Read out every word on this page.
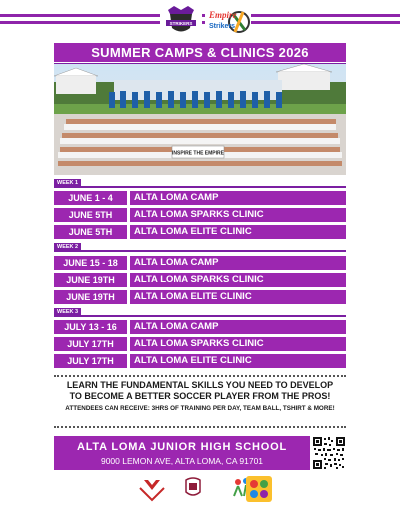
STRIKERS
Empire
Strikers
SUMMER CAMPS & CLINICS 2026
INSPIRE THE EMPIRE
WEEK 1
JUNE 1 - 4	ALTA LOMA CAMP
JUNE 5TH	ALTA LOMA SPARKS CLINIC
JUNE 5TH	ALTA LOMA ELITE CLINIC
WEEK 2
JUNE 15 - 18	ALTA LOMA CAMP
JUNE 19TH	ALTA LOMA SPARKS CLINIC
JUNE 19TH	ALTA LOMA ELITE CLINIC
WEEK 3
JULY 13 - 16	ALTA LOMA CAMP
JULY 17TH	ALTA LOMA SPARKS CLINIC
JULY 17TH	ALTA LOMA ELITE CLINIC
LEARN THE FUNDAMENTAL SKILLS YOU NEED TO DEVELOP
TO BECOME A BETTER SOCCER PLAYER FROM THE PROS!
ATTENDEES CAN RECEIVE: 3HRS OF TRAINING PER DAY, TEAM BALL, TSHIRT & MORE!
ALTA LOMA JUNIOR HIGH SCHOOL
9000 LEMON AVE, ALTA LOMA, CA 91701
